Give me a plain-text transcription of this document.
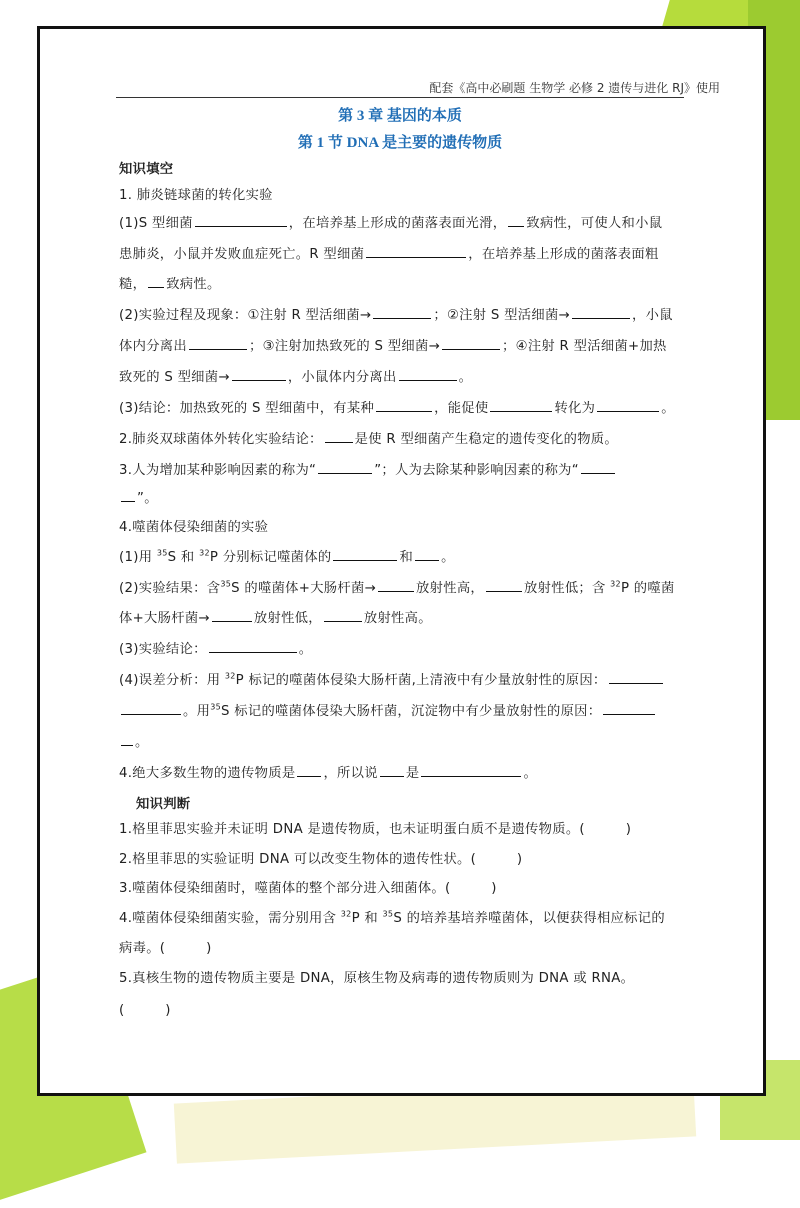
配套《高中必刷题 生物学 必修 2 遗传与进化 RJ》使用
第 3 章 基因的本质
第 1 节 DNA 是主要的遗传物质
知识填空
1. 肺炎链球菌的转化实验
(1)S 型细菌	，在培养基上形成的菌落表面光滑， 致病性，可使人和小鼠
患肺炎，小鼠并发败血症死亡。R 型细菌	，在培养基上形成的菌落表面粗
糙， 致病性。
(2)实验过程及现象：①注射 R 型活细菌→	；②注射 S 型活细菌→	，小鼠
体内分离出	；③注射加热致死的 S 型细菌→	；④注射 R 型活细菌+加热
致死的 S 型细菌→	，小鼠体内分离出	。
(3)结论：加热致死的 S 型细菌中，有某种	，能促使	转化为	。
2.肺炎双球菌体外转化实验结论： 是使 R 型细菌产生稳定的遗传变化的物质。
3.人为增加某种影响因素的称为“	”；人为去除某种影响因素的称为“
”。
4.噬菌体侵染细菌的实验
(1)用 $^{35}$S 和 $^{32}$P 分别标记噬菌体的	和 。
(2)实验结果：含$^{35}$S 的噬菌体+大肠杆菌→	放射性高，	放射性低；含 $^{32}$P 的噬菌
体+大肠杆菌→	放射性低，	放射性高。
(3)实验结论：	。
(4)误差分析：用 $^{32}$P 标记的噬菌体侵染大肠杆菌,上清液中有少量放射性的原因：
。用$^{35}$S 标记的噬菌体侵染大肠杆菌，沉淀物中有少量放射性的原因：
。
4.绝大多数生物的遗传物质是 ，所以说 是	。
知识判断
1.格里菲思实验并未证明 DNA 是遗传物质，也未证明蛋白质不是遗传物质。(　　　)
2.格里菲思的实验证明 DNA 可以改变生物体的遗传性状。(　　　)
3.噬菌体侵染细菌时，噬菌体的整个部分进入细菌体。(　　　)
4.噬菌体侵染细菌实验，需分别用含 $^{32}$P 和 $^{35}$S 的培养基培养噬菌体，以便获得相应标记的
病毒。(　　　)
5.真核生物的遗传物质主要是 DNA，原核生物及病毒的遗传物质则为 DNA 或 RNA。
(　　　)
